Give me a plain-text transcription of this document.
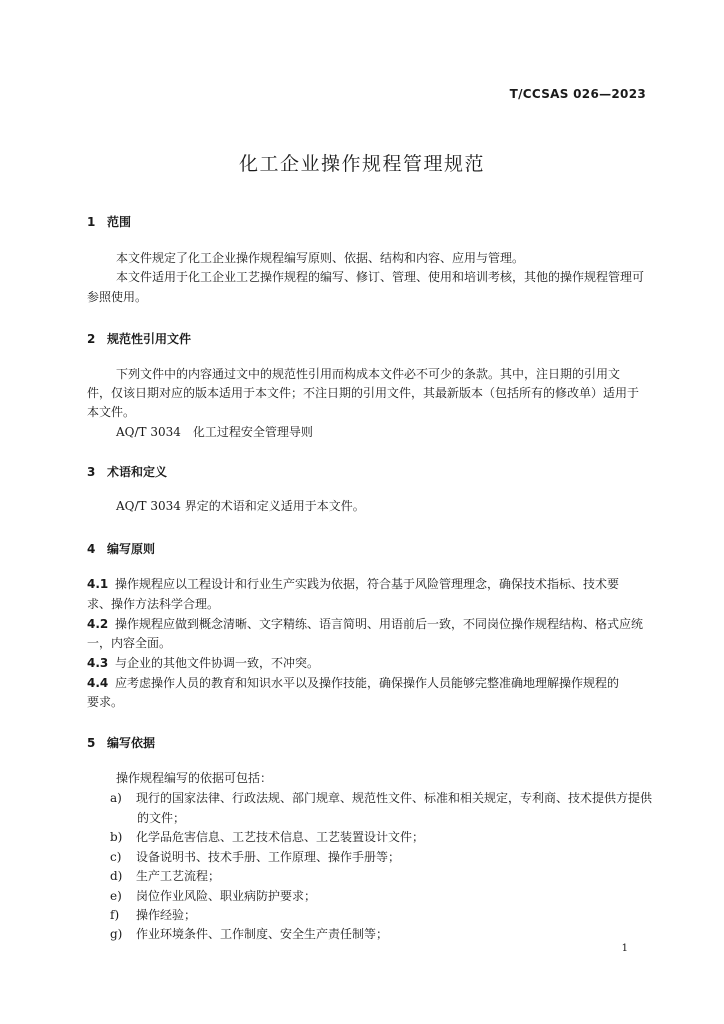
T/CCSAS 026—2023
化工企业操作规程管理规范
1 范围
本文件规定了化工企业操作规程编写原则、依据、结构和内容、应用与管理。
本文件适用于化工企业工艺操作规程的编写、修订、管理、使用和培训考核，其他的操作规程管理可
参照使用。
2 规范性引用文件
下列文件中的内容通过文中的规范性引用而构成本文件必不可少的条款。其中，注日期的引用文
件，仅该日期对应的版本适用于本文件；不注日期的引用文件，其最新版本（包括所有的修改单）适用于
本文件。
AQ/T 3034　化工过程安全管理导则
3 术语和定义
AQ/T 3034 界定的术语和定义适用于本文件。
4 编写原则
4.1 操作规程应以工程设计和行业生产实践为依据，符合基于风险管理理念，确保技术指标、技术要
求、操作方法科学合理。
4.2 操作规程应做到概念清晰、文字精练、语言简明、用语前后一致，不同岗位操作规程结构、格式应统
一，内容全面。
4.3 与企业的其他文件协调一致，不冲突。
4.4 应考虑操作人员的教育和知识水平以及操作技能，确保操作人员能够完整准确地理解操作规程的
要求。
5 编写依据
操作规程编写的依据可包括：
a) 现行的国家法律、行政法规、部门规章、规范性文件、标准和相关规定，专利商、技术提供方提供
的文件；
b) 化学品危害信息、工艺技术信息、工艺装置设计文件；
c) 设备说明书、技术手册、工作原理、操作手册等；
d) 生产工艺流程；
e) 岗位作业风险、职业病防护要求；
f) 操作经验；
g) 作业环境条件、工作制度、安全生产责任制等；
1
